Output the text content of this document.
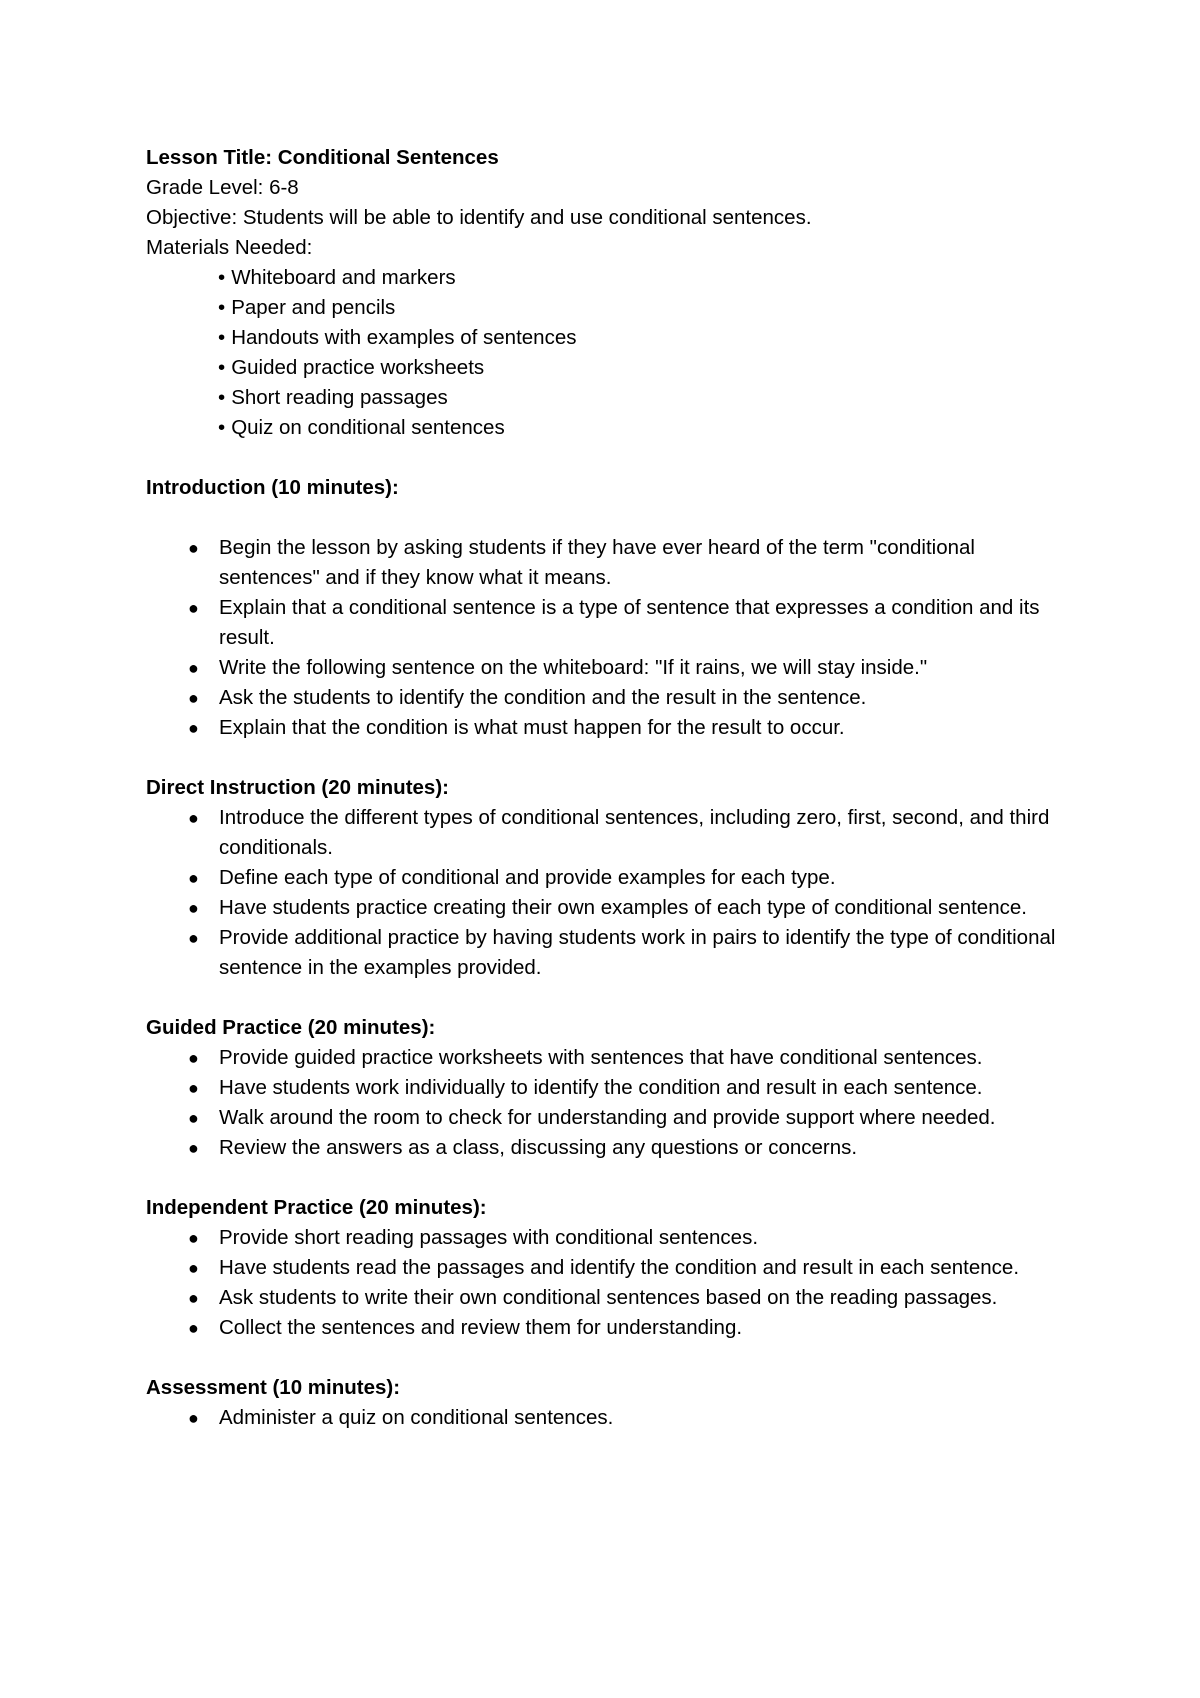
Lesson Title: Conditional Sentences

Grade Level: 6-8

Objective: Students will be able to identify and use conditional sentences.

Materials Needed:

• Whiteboard and markers
• Paper and pencils
• Handouts with examples of sentences
• Guided practice worksheets
• Short reading passages
• Quiz on conditional sentences

Introduction (10 minutes):

● Begin the lesson by asking students if they have ever heard of the term "conditional sentences" and if they know what it means.
● Explain that a conditional sentence is a type of sentence that expresses a condition and its result.
● Write the following sentence on the whiteboard: "If it rains, we will stay inside."
● Ask the students to identify the condition and the result in the sentence.
● Explain that the condition is what must happen for the result to occur.

Direct Instruction (20 minutes):

● Introduce the different types of conditional sentences, including zero, first, second, and third conditionals.
● Define each type of conditional and provide examples for each type.
● Have students practice creating their own examples of each type of conditional sentence.
● Provide additional practice by having students work in pairs to identify the type of conditional sentence in the examples provided.

Guided Practice (20 minutes):

● Provide guided practice worksheets with sentences that have conditional sentences.
● Have students work individually to identify the condition and result in each sentence.
● Walk around the room to check for understanding and provide support where needed.
● Review the answers as a class, discussing any questions or concerns.

Independent Practice (20 minutes):

● Provide short reading passages with conditional sentences.
● Have students read the passages and identify the condition and result in each sentence.
● Ask students to write their own conditional sentences based on the reading passages.
● Collect the sentences and review them for understanding.

Assessment (10 minutes):

● Administer a quiz on conditional sentences.
